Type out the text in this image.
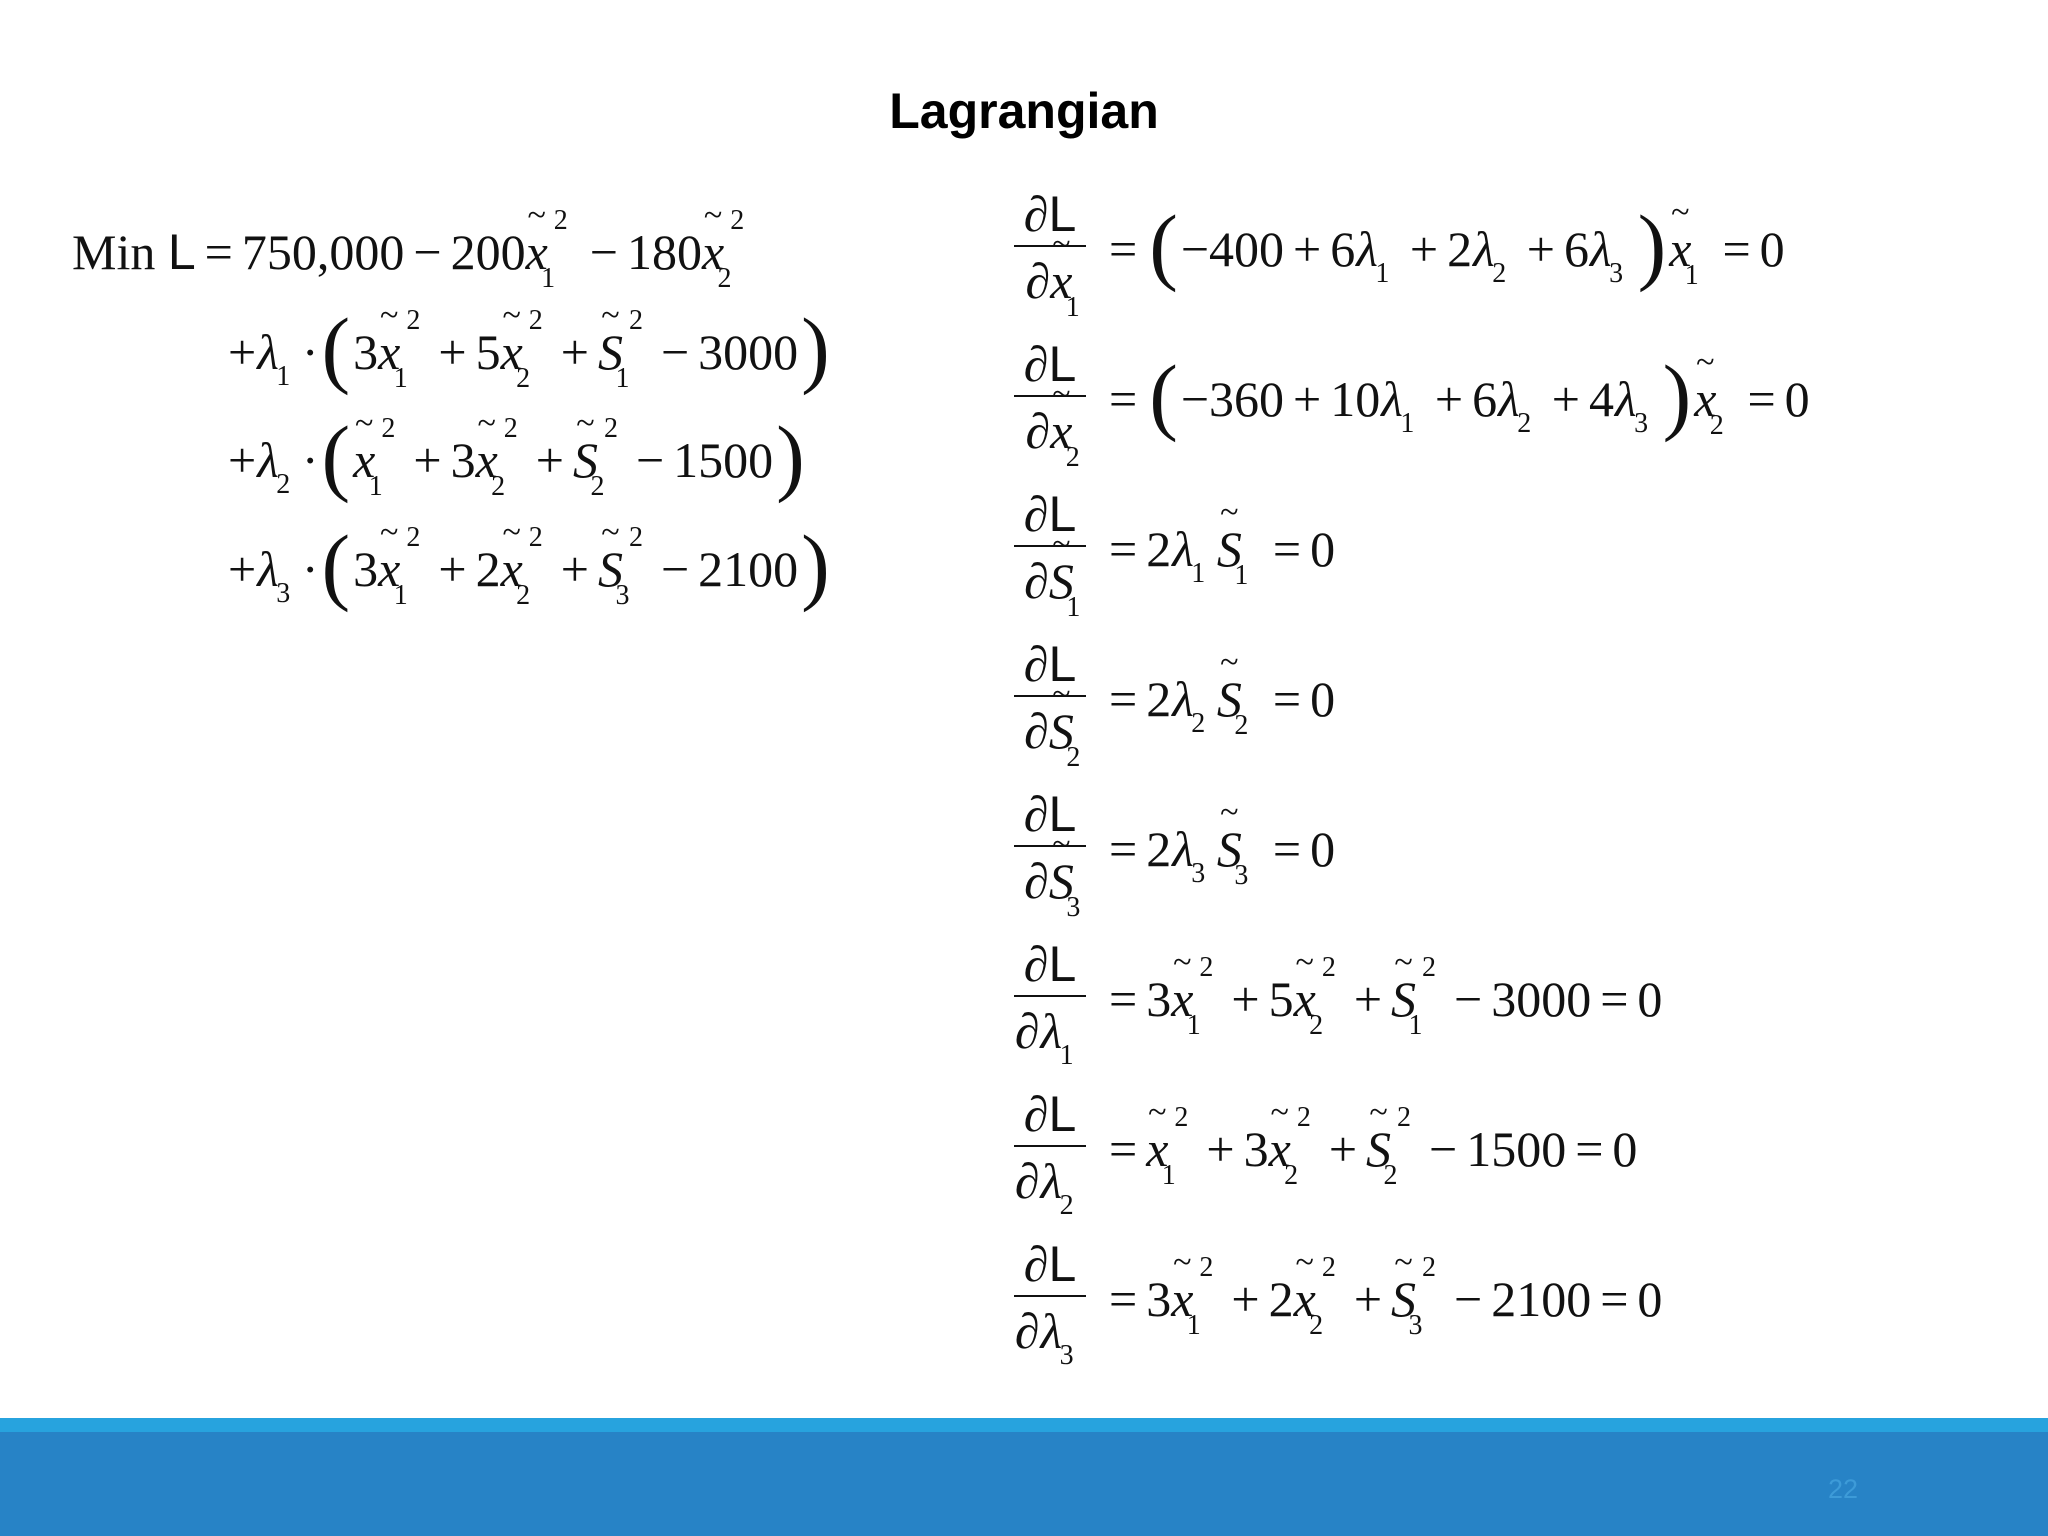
Lagrangian
Min
L = 750,000 − 200 ~ x
1
2
− 180 ~ x
2
2
+ λ
1 · ( 3 ~ x
1
2
+ 5 ~ x
2
2
+ ~ S
1
2
− 3000 )
+ λ
2 · ( ~ x
1
2
+ 3 ~ x
2
2
+ ~ S
2
2
− 1500 )
+ λ
3 · ( 3 ~ x
1
2
+ 2 ~ x
2
2
+ ~ S
3
2
− 2100 )
∂L
∂~ x
1 = ( − 400 + 6 λ
1 + 2 λ
2 + 6 λ
3 ) ~ x
1 = 0
∂L
∂~ x
2 = ( − 360 + 10 λ
1 + 6 λ
2 + 4 λ
3 ) ~ x
2 = 0
∂L
∂~ S
1 = 2 λ
1 ~ S
1 = 0
∂L
∂~ S
2 = 2 λ
2 ~ S
2 = 0
∂L
∂~ S
3 = 2 λ
3 ~ S
3 = 0
∂L
∂λ
1 = 3 ~ x
1
2
+ 5 ~ x
2
2
+ ~ S
1
2
− 3000 = 0
∂L
∂λ
2 = ~ x
1
2
+ 3 ~ x
2
2
+ ~ S
2
2
− 1500 = 0
∂L
∂λ
3 = 3 ~ x
1
2
+ 2 ~ x
2
2
+ ~ S
3
2
− 2100 = 0
22
